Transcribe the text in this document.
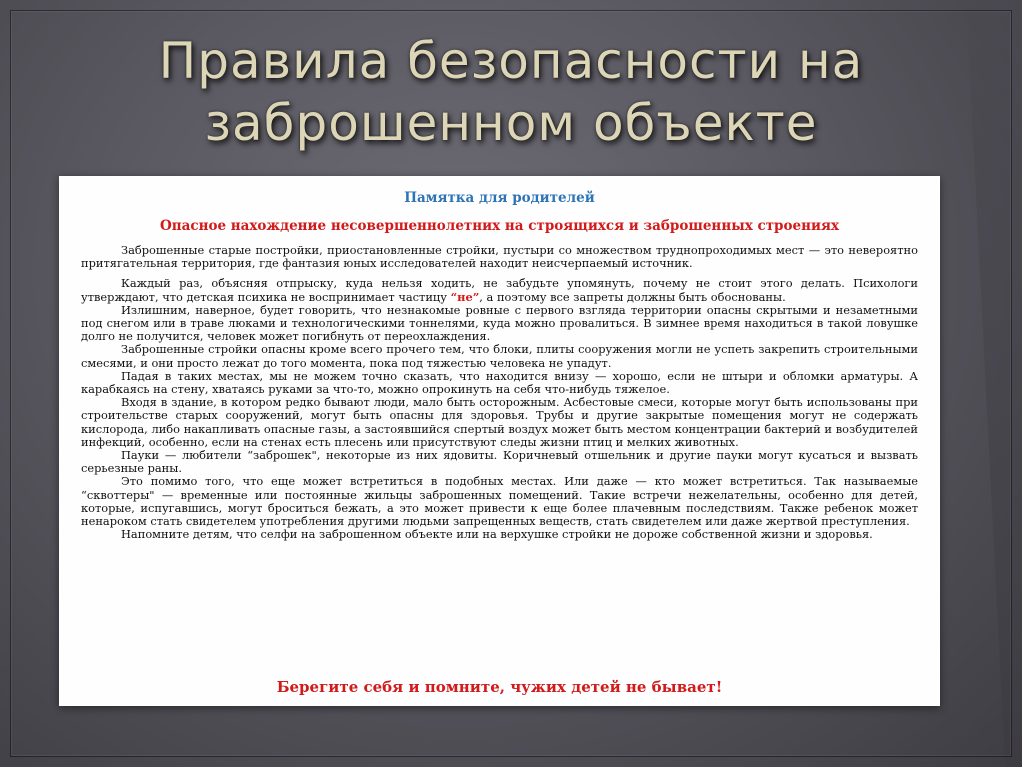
Правила безопасности на
заброшенном объекте
Памятка для родителей
Опасное нахождение несовершеннолетних на строящихся и заброшенных строениях

Заброшенные старые постройки, приостановленные стройки, пустыри со множеством труднопроходимых мест — это невероятно притягательная территория, где фантазия юных исследователей находит неисчерпаемый источник.

Каждый раз, объясняя отпрыску, куда нельзя ходить, не забудьте упомянуть, почему не стоит этого делать. Психологи утверждают, что детская психика не воспринимает частицу “не”, а поэтому все запреты должны быть обоснованы.

Излишним, наверное, будет говорить, что незнакомые ровные с первого взгляда территории опасны скрытыми и незаметными под снегом или в траве люками и технологическими тоннелями, куда можно провалиться. В зимнее время находиться в такой ловушке долго не получится, человек может погибнуть от переохлаждения.

Заброшенные стройки опасны кроме всего прочего тем, что блоки, плиты сооружения могли не успеть закрепить строительными смесями, и они просто лежат до того момента, пока под тяжестью человека не упадут.

Падая в таких местах, мы не можем точно сказать, что находится внизу — хорошо, если не штыри и обломки арматуры. А карабкаясь на стену, хватаясь руками за что-то, можно опрокинуть на себя что-нибудь тяжелое.

Входя в здание, в котором редко бывают люди, мало быть осторожным. Асбестовые смеси, которые могут быть использованы при строительстве старых сооружений, могут быть опасны для здоровья. Трубы и другие закрытые помещения могут не содержать кислорода, либо накапливать опасные газы, а застоявшийся спертый воздух может быть местом концентрации бактерий и возбудителей инфекций, особенно, если на стенах есть плесень или присутствуют следы жизни птиц и мелких животных.

Пауки — любители “заброшек", некоторые из них ядовиты. Коричневый отшельник и другие пауки могут кусаться и вызвать серьезные раны.

Это помимо того, что еще может встретиться в подобных местах. Или даже — кто может встретиться. Так называемые “сквоттеры" — временные или постоянные жильцы заброшенных помещений. Такие встречи нежелательны, особенно для детей, которые, испугавшись, могут броситься бежать, а это может привести к еще более плачевным последствиям. Также ребенок может ненароком стать свидетелем употребления другими людьми запрещенных веществ, стать свидетелем или даже жертвой преступления.

Напомните детям, что селфи на заброшенном объекте или на верхушке стройки не дороже собственной жизни и здоровья.

Берегите себя и помните, чужих детей не бывает!
